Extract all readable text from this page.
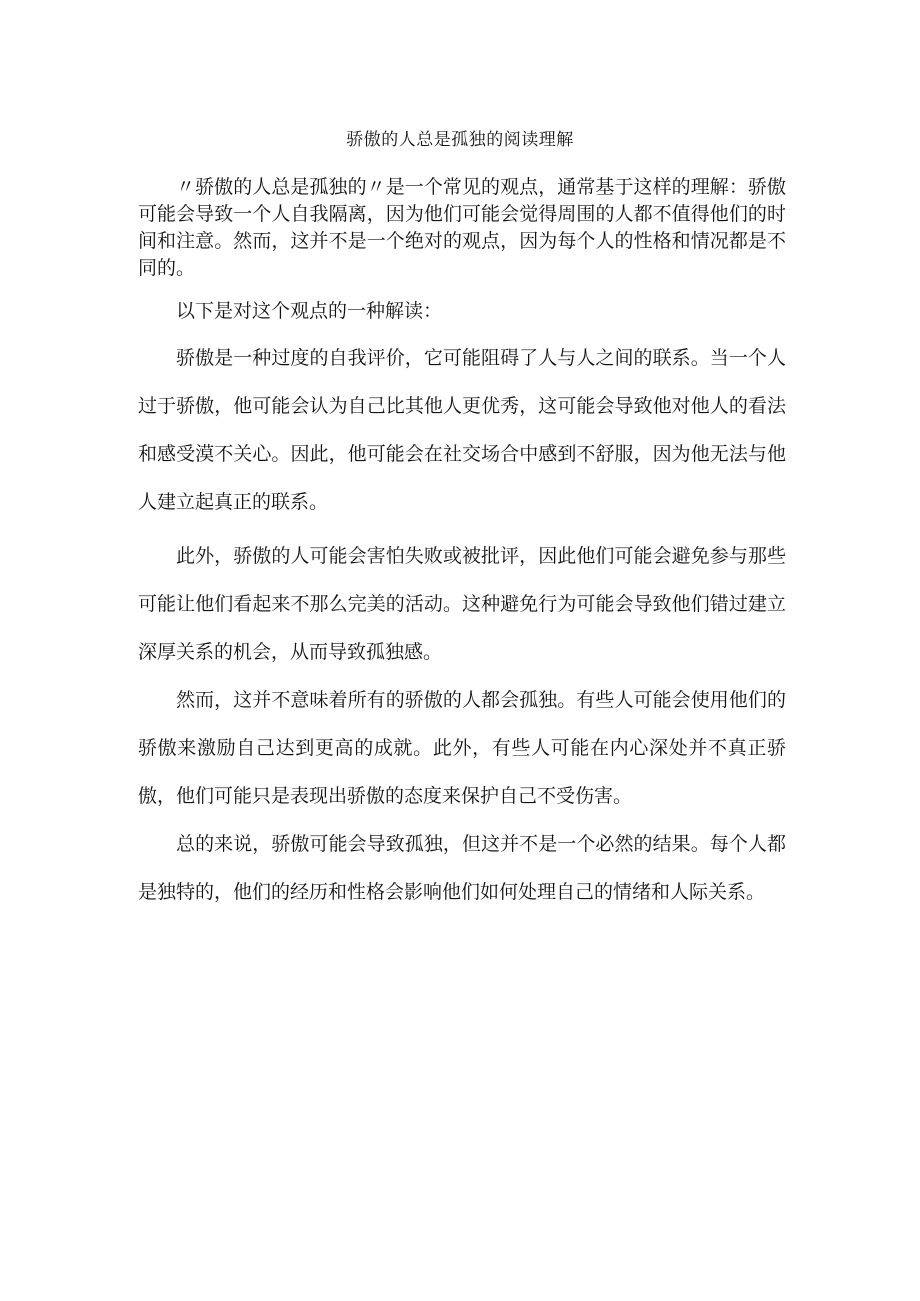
骄傲的人总是孤独的阅读理解

〃骄傲的人总是孤独的〃是一个常见的观点，通常基于这样的理解：骄傲可能会导致一个人自我隔离，因为他们可能会觉得周围的人都不值得他们的时间和注意。然而，这并不是一个绝对的观点，因为每个人的性格和情况都是不同的。

以下是对这个观点的一种解读：

骄傲是一种过度的自我评价，它可能阻碍了人与人之间的联系。当一个人过于骄傲，他可能会认为自己比其他人更优秀，这可能会导致他对他人的看法和感受漠不关心。因此，他可能会在社交场合中感到不舒服，因为他无法与他人建立起真正的联系。

此外，骄傲的人可能会害怕失败或被批评，因此他们可能会避免参与那些可能让他们看起来不那么完美的活动。这种避免行为可能会导致他们错过建立深厚关系的机会，从而导致孤独感。

然而，这并不意味着所有的骄傲的人都会孤独。有些人可能会使用他们的骄傲来激励自己达到更高的成就。此外，有些人可能在内心深处并不真正骄傲，他们可能只是表现出骄傲的态度来保护自己不受伤害。

总的来说，骄傲可能会导致孤独，但这并不是一个必然的结果。每个人都是独特的，他们的经历和性格会影响他们如何处理自己的情绪和人际关系。
